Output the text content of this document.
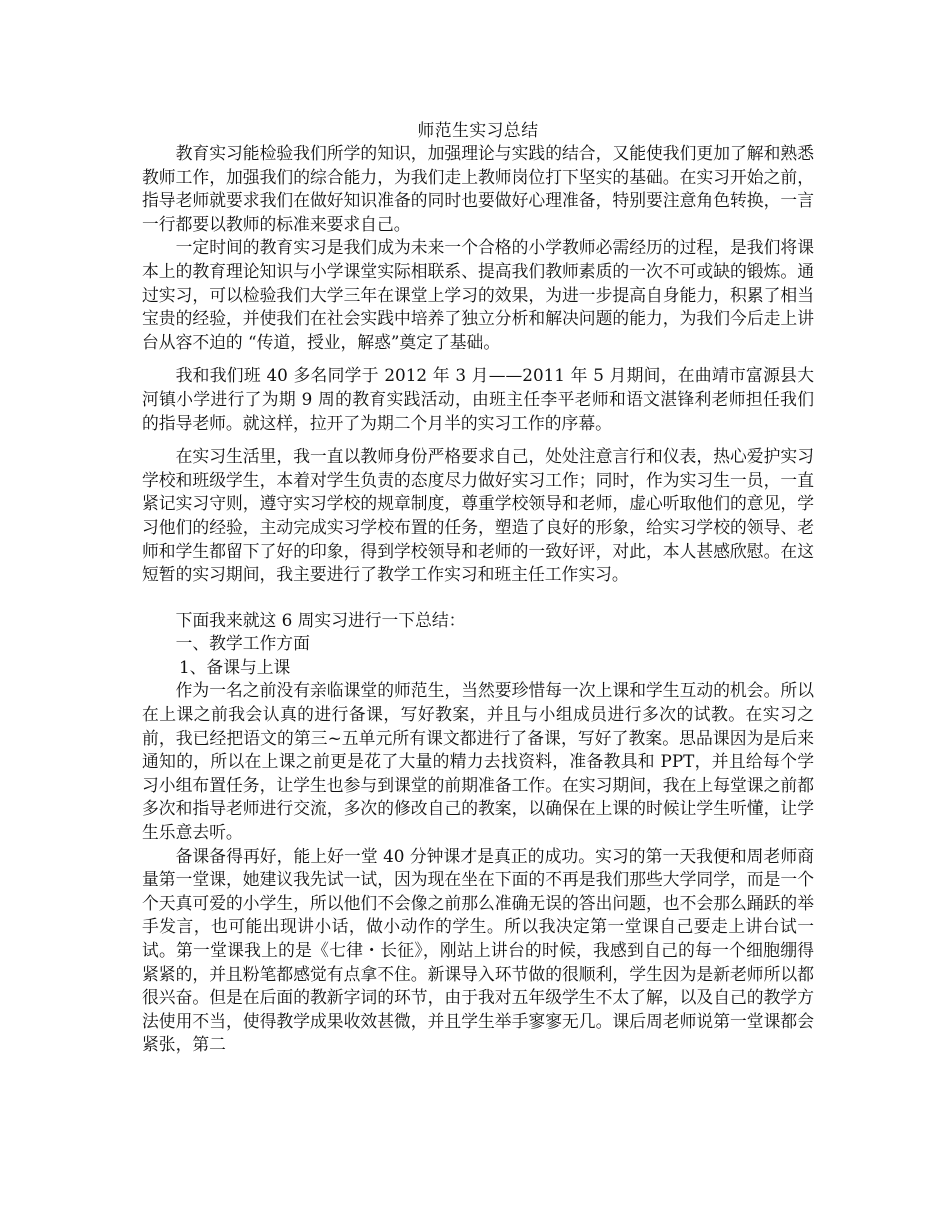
师范生实习总结

教育实习能检验我们所学的知识，加强理论与实践的结合，又能使我们更加了解和熟悉教师工作，加强我们的综合能力，为我们走上教师岗位打下坚实的基础。在实习开始之前，指导老师就要求我们在做好知识准备的同时也要做好心理准备，特别要注意角色转换，一言一行都要以教师的标准来要求自己。

一定时间的教育实习是我们成为未来一个合格的小学教师必需经历的过程，是我们将课本上的教育理论知识与小学课堂实际相联系、提高我们教师素质的一次不可或缺的锻炼。通过实习，可以检验我们大学三年在课堂上学习的效果，为进一步提高自身能力，积累了相当宝贵的经验，并使我们在社会实践中培养了独立分析和解决问题的能力，为我们今后走上讲台从容不迫的 “传道，授业，解惑”奠定了基础。

我和我们班 40 多名同学于 2012 年 3 月——2011 年 5 月期间，在曲靖市富源县大河镇小学进行了为期 9 周的教育实践活动，由班主任李平老师和语文湛锋利老师担任我们的指导老师。就这样，拉开了为期二个月半的实习工作的序幕。

在实习生活里，我一直以教师身份严格要求自己，处处注意言行和仪表，热心爱护实习学校和班级学生，本着对学生负责的态度尽力做好实习工作；同时，作为实习生一员，一直紧记实习守则，遵守实习学校的规章制度，尊重学校领导和老师，虚心听取他们的意见，学习他们的经验，主动完成实习学校布置的任务，塑造了良好的形象，给实习学校的领导、老师和学生都留下了好的印象，得到学校领导和老师的一致好评，对此，本人甚感欣慰。在这短暂的实习期间，我主要进行了教学工作实习和班主任工作实习。

下面我来就这 6 周实习进行一下总结：

一、教学工作方面

1、备课与上课

作为一名之前没有亲临课堂的师范生，当然要珍惜每一次上课和学生互动的机会。所以在上课之前我会认真的进行备课，写好教案，并且与小组成员进行多次的试教。在实习之前，我已经把语文的第三~五单元所有课文都进行了备课，写好了教案。思品课因为是后来通知的，所以在上课之前更是花了大量的精力去找资料，准备教具和 PPT，并且给每个学习小组布置任务，让学生也参与到课堂的前期准备工作。在实习期间，我在上每堂课之前都多次和指导老师进行交流，多次的修改自己的教案，以确保在上课的时候让学生听懂，让学生乐意去听。

备课备得再好，能上好一堂 40 分钟课才是真正的成功。实习的第一天我便和周老师商量第一堂课，她建议我先试一试，因为现在坐在下面的不再是我们那些大学同学，而是一个个天真可爱的小学生，所以他们不会像之前那么准确无误的答出问题，也不会那么踊跃的举手发言，也可能出现讲小话，做小动作的学生。所以我决定第一堂课自己要走上讲台试一试。第一堂课我上的是《七律・长征》，刚站上讲台的时候，我感到自己的每一个细胞绷得紧紧的，并且粉笔都感觉有点拿不住。新课导入环节做的很顺利，学生因为是新老师所以都很兴奋。但是在后面的教新字词的环节，由于我对五年级学生不太了解，以及自己的教学方法使用不当，使得教学成果收效甚微，并且学生举手寥寥无几。课后周老师说第一堂课都会紧张，第二
